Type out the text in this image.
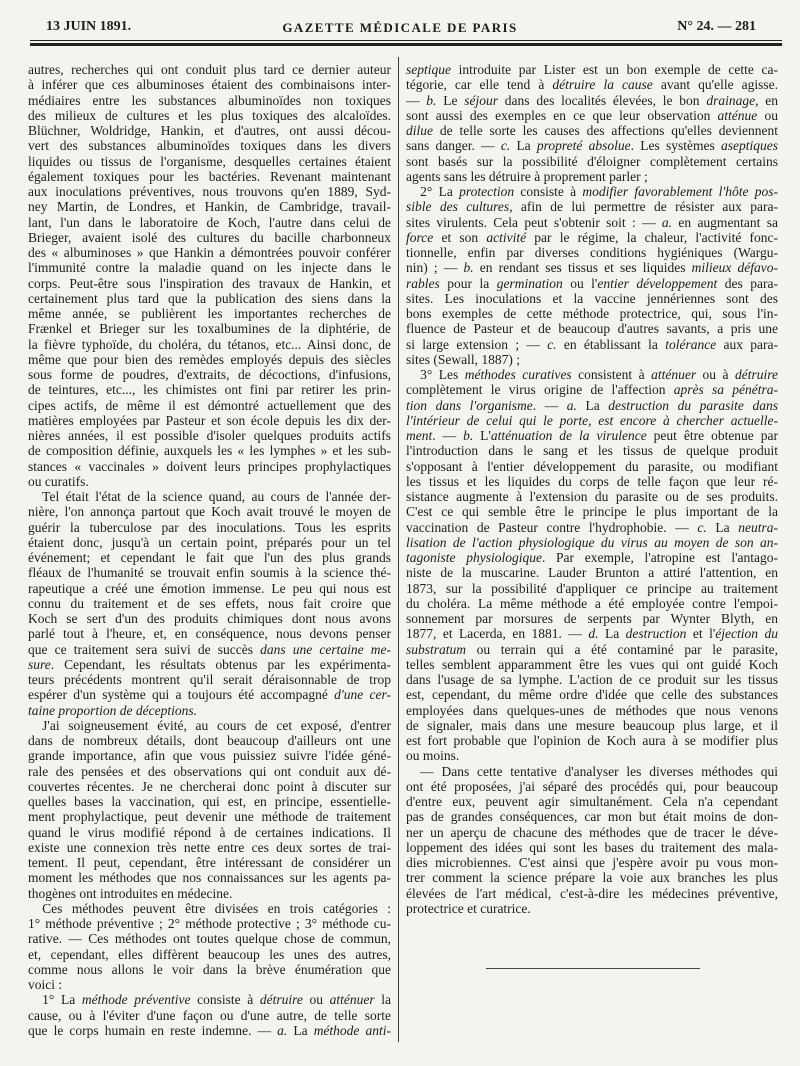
13 JUIN 1891.	GAZETTE MÉDICALE DE PARIS	N° 24. — 281
autres, recherches qui ont conduit plus tard ce dernier auteur
à inférer que ces albuminoses étaient des combinaisons inter-
médiaires entre les substances albuminoïdes non toxiques
des milieux de cultures et les plus toxiques des alcaloïdes.
Blüchner, Woldridge, Hankin, et d'autres, ont aussi décou-
vert des substances albuminoïdes toxiques dans les divers
liquides ou tissus de l'organisme, desquelles certaines étaient
également toxiques pour les bactéries. Revenant maintenant
aux inoculations préventives, nous trouvons qu'en 1889, Syd-
ney Martin, de Londres, et Hankin, de Cambridge, travail-
lant, l'un dans le laboratoire de Koch, l'autre dans celui de
Brieger, avaient isolé des cultures du bacille charbonneux
des « albuminoses » que Hankin a démontrées pouvoir conférer
l'immunité contre la maladie quand on les injecte dans le
corps. Peut-être sous l'inspiration des travaux de Hankin, et
certainement plus tard que la publication des siens dans la
même année, se publièrent les importantes recherches de
Frænkel et Brieger sur les toxalbumines de la diphtérie, de
la fièvre typhoïde, du choléra, du tétanos, etc... Ainsi donc, de
même que pour bien des remèdes employés depuis des siècles
sous forme de poudres, d'extraits, de décoctions, d'infusions,
de teintures, etc..., les chimistes ont fini par retirer les prin-
cipes actifs, de même il est démontré actuellement que des
matières employées par Pasteur et son école depuis les dix der-
nières années, il est possible d'isoler quelques produits actifs
de composition définie, auxquels les « les lymphes » et les sub-
stances « vaccinales » doivent leurs principes prophylactiques
ou curatifs.
Tel était l'état de la science quand, au cours de l'année der-
nière, l'on annonça partout que Koch avait trouvé le moyen de
guérir la tuberculose par des inoculations. Tous les esprits
étaient donc, jusqu'à un certain point, préparés pour un tel
événement; et cependant le fait que l'un des plus grands
fléaux de l'humanité se trouvait enfin soumis à la science thé-
rapeutique a créé une émotion immense. Le peu qui nous est
connu du traitement et de ses effets, nous fait croire que
Koch se sert d'un des produits chimiques dont nous avons
parlé tout à l'heure, et, en conséquence, nous devons penser
que ce traitement sera suivi de succès dans une certaine me-
sure. Cependant, les résultats obtenus par les expérimenta-
teurs précédents montrent qu'il serait déraisonnable de trop
espérer d'un système qui a toujours été accompagné d'une cer-
taine proportion de déceptions.
J'ai soigneusement évité, au cours de cet exposé, d'entrer
dans de nombreux détails, dont beaucoup d'ailleurs ont une
grande importance, afin que vous puissiez suivre l'idée géné-
rale des pensées et des observations qui ont conduit aux dé-
couvertes récentes. Je ne chercherai donc point à discuter sur
quelles bases la vaccination, qui est, en principe, essentielle-
ment prophylactique, peut devenir une méthode de traitement
quand le virus modifié répond à de certaines indications. Il
existe une connexion très nette entre ces deux sortes de trai-
tement. Il peut, cependant, être intéressant de considérer un
moment les méthodes que nos connaissances sur les agents pa-
thogènes ont introduites en médecine.
Ces méthodes peuvent être divisées en trois catégories :
1° méthode préventive ; 2° méthode protective ; 3° méthode cu-
rative. — Ces méthodes ont toutes quelque chose de commun,
et, cependant, elles diffèrent beaucoup les unes des autres,
comme nous allons le voir dans la brève énumération que
voici :
1° La méthode préventive consiste à détruire ou atténuer la
cause, ou à l'éviter d'une façon ou d'une autre, de telle sorte
que le corps humain en reste indemne. — a. La méthode anti-
septique introduite par Lister est un bon exemple de cette ca-
tégorie, car elle tend à détruire la cause avant qu'elle agisse.
— b. Le séjour dans des localités élevées, le bon drainage, en
sont aussi des exemples en ce que leur observation atténue ou
dilue de telle sorte les causes des affections qu'elles deviennent
sans danger. — c. La propreté absolue. Les systèmes aseptiques
sont basés sur la possibilité d'éloigner complètement certains
agents sans les détruire à proprement parler ;
2° La protection consiste à modifier favorablement l'hôte pos-
sible des cultures, afin de lui permettre de résister aux para-
sites virulents. Cela peut s'obtenir soit : — a. en augmentant sa
force et son activité par le régime, la chaleur, l'activité fonc-
tionnelle, enfin par diverses conditions hygiéniques (Wargu-
nin) ; — b. en rendant ses tissus et ses liquides milieux défavo-
rables pour la germination ou l'entier développement des para-
sites. Les inoculations et la vaccine jennériennes sont des
bons exemples de cette méthode protectrice, qui, sous l'in-
fluence de Pasteur et de beaucoup d'autres savants, a pris une
si large extension ; — c. en établissant la tolérance aux para-
sites (Sewall, 1887) ;
3° Les méthodes curatives consistent à atténuer ou à détruire
complètement le virus origine de l'affection après sa pénétra-
tion dans l'organisme. — a. La destruction du parasite dans
l'intérieur de celui qui le porte, est encore à chercher actuelle-
ment. — b. L'atténuation de la virulence peut être obtenue par
l'introduction dans le sang et les tissus de quelque produit
s'opposant à l'entier développement du parasite, ou modifiant
les tissus et les liquides du corps de telle façon que leur ré-
sistance augmente à l'extension du parasite ou de ses produits.
C'est ce qui semble être le principe le plus important de la
vaccination de Pasteur contre l'hydrophobie. — c. La neutra-
lisation de l'action physiologique du virus au moyen de son an-
tagoniste physiologique. Par exemple, l'atropine est l'antago-
niste de la muscarine. Lauder Brunton a attiré l'attention, en
1873, sur la possibilité d'appliquer ce principe au traitement
du choléra. La même méthode a été employée contre l'empoi-
sonnement par morsures de serpents par Wynter Blyth, en
1877, et Lacerda, en 1881. — d. La destruction et l'éjection du
substratum ou terrain qui a été contaminé par le parasite,
telles semblent apparamment être les vues qui ont guidé Koch
dans l'usage de sa lymphe. L'action de ce produit sur les tissus
est, cependant, du même ordre d'idée que celle des substances
employées dans quelques-unes de méthodes que nous venons
de signaler, mais dans une mesure beaucoup plus large, et il
est fort probable que l'opinion de Koch aura à se modifier plus
ou moins.
— Dans cette tentative d'analyser les diverses méthodes qui
ont été proposées, j'ai séparé des procédés qui, pour beaucoup
d'entre eux, peuvent agir simultanément. Cela n'a cependant
pas de grandes conséquences, car mon but était moins de don-
ner un aperçu de chacune des méthodes que de tracer le déve-
loppement des idées qui sont les bases du traitement des mala-
dies microbiennes. C'est ainsi que j'espère avoir pu vous mon-
trer comment la science prépare la voie aux branches les plus
élevées de l'art médical, c'est-à-dire les médecines préventive,
protectrice et curatrice.
